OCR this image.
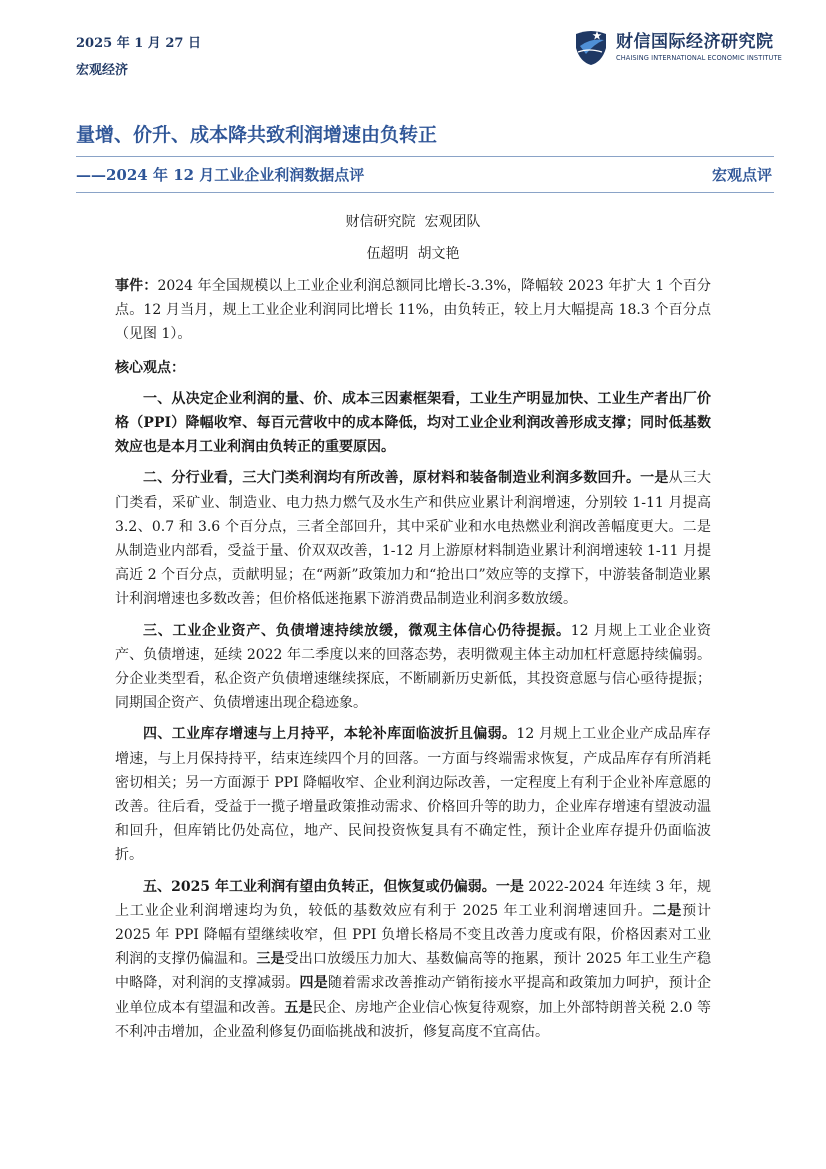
2025 年 1 月 27 日
宏观经济
财信国际经济研究院
CHAISING INTERNATIONAL ECONOMIC INSTITUTE
量增、价升、成本降共致利润增速由负转正
——2024 年 12 月工业企业利润数据点评	宏观点评
财信研究院  宏观团队
伍超明  胡文艳

事件：2024 年全国规模以上工业企业利润总额同比增长-3.3%，降幅较 2023 年扩大 1 个百分点。12 月当月，规上工业企业利润同比增长 11%，由负转正，较上月大幅提高 18.3 个百分点（见图 1）。

核心观点：

一、从决定企业利润的量、价、成本三因素框架看，工业生产明显加快、工业生产者出厂价格（PPI）降幅收窄、每百元营收中的成本降低，均对工业企业利润改善形成支撑；同时低基数效应也是本月工业利润由负转正的重要原因。

二、分行业看，三大门类利润均有所改善，原材料和装备制造业利润多数回升。一是从三大门类看，采矿业、制造业、电力热力燃气及水生产和供应业累计利润增速，分别较 1-11 月提高 3.2、0.7 和 3.6 个百分点，三者全部回升，其中采矿业和水电热燃业利润改善幅度更大。二是从制造业内部看，受益于量、价双双改善，1-12 月上游原材料制造业累计利润增速较 1-11 月提高近 2 个百分点，贡献明显；在“两新”政策加力和“抢出口”效应等的支撑下，中游装备制造业累计利润增速也多数改善；但价格低迷拖累下游消费品制造业利润多数放缓。

三、工业企业资产、负债增速持续放缓，微观主体信心仍待提振。12 月规上工业企业资产、负债增速，延续 2022 年二季度以来的回落态势，表明微观主体主动加杠杆意愿持续偏弱。分企业类型看，私企资产负债增速继续探底，不断刷新历史新低，其投资意愿与信心亟待提振；同期国企资产、负债增速出现企稳迹象。

四、工业库存增速与上月持平，本轮补库面临波折且偏弱。12 月规上工业企业产成品库存增速，与上月保持持平，结束连续四个月的回落。一方面与终端需求恢复，产成品库存有所消耗密切相关；另一方面源于 PPI 降幅收窄、企业利润边际改善，一定程度上有利于企业补库意愿的改善。往后看，受益于一揽子增量政策推动需求、价格回升等的助力，企业库存增速有望波动温和回升，但库销比仍处高位，地产、民间投资恢复具有不确定性，预计企业库存提升仍面临波折。

五、2025 年工业利润有望由负转正，但恢复或仍偏弱。一是 2022-2024 年连续 3 年，规上工业企业利润增速均为负，较低的基数效应有利于 2025 年工业利润增速回升。二是预计 2025 年 PPI 降幅有望继续收窄，但 PPI 负增长格局不变且改善力度或有限，价格因素对工业利润的支撑仍偏温和。三是受出口放缓压力加大、基数偏高等的拖累，预计 2025 年工业生产稳中略降，对利润的支撑减弱。四是随着需求改善推动产销衔接水平提高和政策加力呵护，预计企业单位成本有望温和改善。五是民企、房地产企业信心恢复待观察，加上外部特朗普关税 2.0 等不利冲击增加，企业盈利修复仍面临挑战和波折，修复高度不宜高估。
